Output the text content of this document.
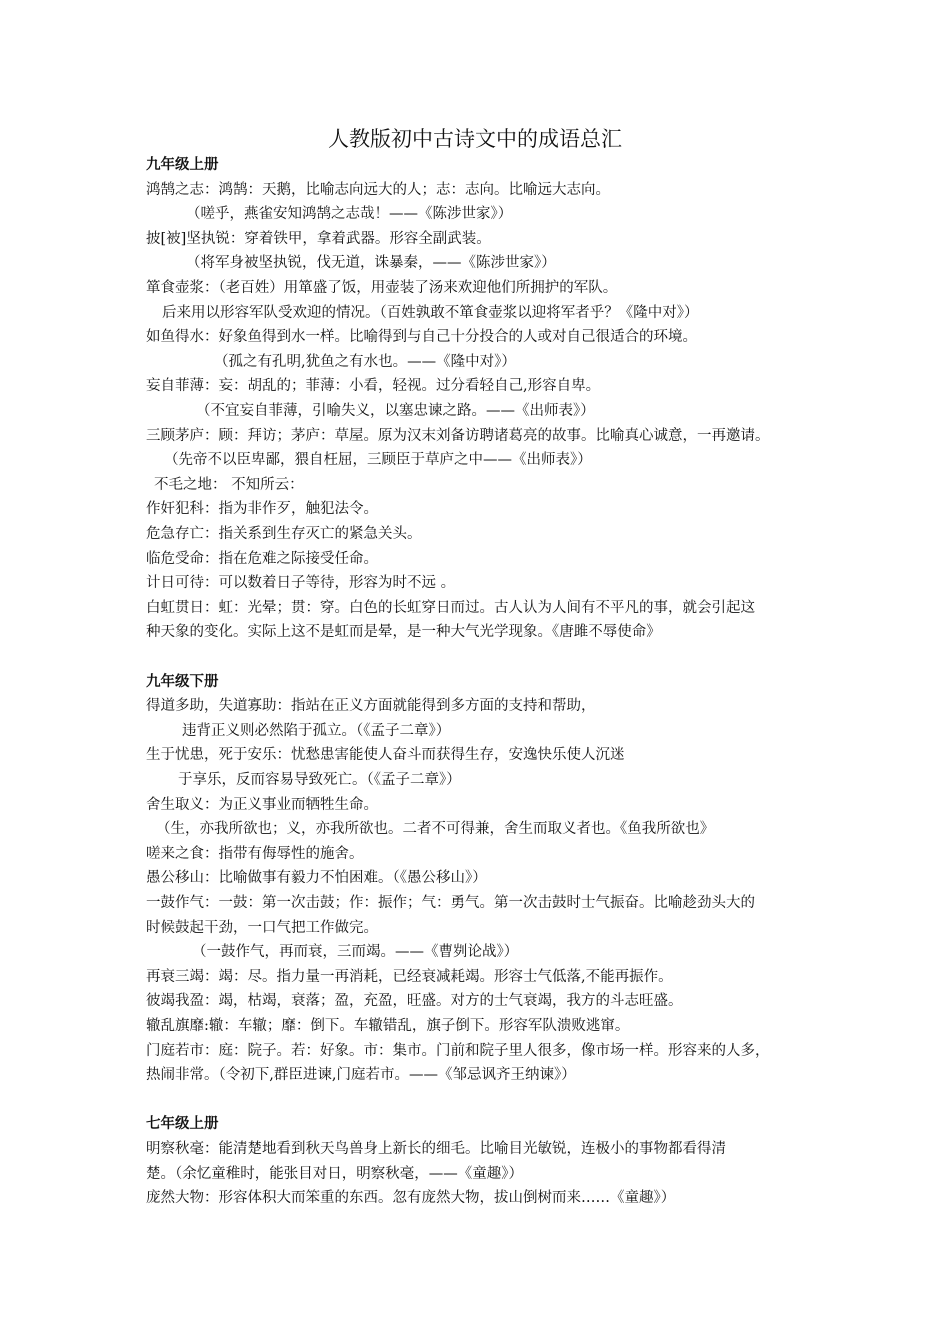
人教版初中古诗文中的成语总汇
九年级上册
鸿鹄之志：鸿鹄：天鹅，比喻志向远大的人；志：志向。比喻远大志向。
（嗟乎，燕雀安知鸿鹄之志哉！——《陈涉世家》）
披[被]坚执锐：穿着铁甲，拿着武器。形容全副武装。
（将军身被坚执锐，伐无道，诛暴秦，——《陈涉世家》）
箪食壶浆：（老百姓）用箪盛了饭，用壶装了汤来欢迎他们所拥护的军队。
后来用以形容军队受欢迎的情况。（百姓孰敢不箪食壶浆以迎将军者乎？《隆中对》）
如鱼得水：好象鱼得到水一样。比喻得到与自己十分投合的人或对自己很适合的环境。
（孤之有孔明,犹鱼之有水也。——《隆中对》）
妄自菲薄：妄：胡乱的；菲薄：小看，轻视。过分看轻自己,形容自卑。
（不宜妄自菲薄，引喻失义，以塞忠谏之路。——《出师表》）
三顾茅庐：顾：拜访；茅庐：草屋。原为汉末刘备访聘诸葛亮的故事。比喻真心诚意，一再邀请。
（先帝不以臣卑鄙，猥自枉屈，三顾臣于草庐之中——《出师表》）
不毛之地： 不知所云：
作奸犯科：指为非作歹，触犯法令。
危急存亡：指关系到生存灭亡的紧急关头。
临危受命：指在危难之际接受任命。
计日可待：可以数着日子等待，形容为时不远 。
白虹贯日：虹：光晕；贯：穿。白色的长虹穿日而过。古人认为人间有不平凡的事，就会引起这
种天象的变化。实际上这不是虹而是晕，是一种大气光学现象。《唐雎不辱使命》
九年级下册
得道多助，失道寡助：指站在正义方面就能得到多方面的支持和帮助，
违背正义则必然陷于孤立。（《孟子二章》）
生于忧患，死于安乐：忧愁患害能使人奋斗而获得生存，安逸快乐使人沉迷
于享乐，反而容易导致死亡。（《孟子二章》）
舍生取义：为正义事业而牺牲生命。
（生，亦我所欲也；义，亦我所欲也。二者不可得兼，舍生而取义者也。《鱼我所欲也》
嗟来之食：指带有侮辱性的施舍。
愚公移山：比喻做事有毅力不怕困难。（《愚公移山》）
一鼓作气：一鼓：第一次击鼓；作：振作；气：勇气。第一次击鼓时士气振奋。比喻趁劲头大的
时候鼓起干劲，一口气把工作做完。
（一鼓作气，再而衰，三而竭。——《曹刿论战》）
再衰三竭：竭：尽。指力量一再消耗，已经衰减耗竭。形容士气低落,不能再振作。
彼竭我盈：竭，枯竭，衰落；盈，充盈，旺盛。对方的士气衰竭，我方的斗志旺盛。
辙乱旗靡:辙：车辙；靡：倒下。车辙错乱，旗子倒下。形容军队溃败逃窜。
门庭若市：庭：院子。若：好象。市：集市。门前和院子里人很多，像市场一样。形容来的人多，
热闹非常。（令初下,群臣进谏,门庭若市。——《邹忌讽齐王纳谏》）
七年级上册
明察秋毫：能清楚地看到秋天鸟兽身上新长的细毛。比喻目光敏锐，连极小的事物都看得清
楚。（余忆童稚时，能张目对日，明察秋毫，——《童趣》）
庞然大物：形容体积大而笨重的东西。忽有庞然大物，拔山倒树而来……《童趣》）
